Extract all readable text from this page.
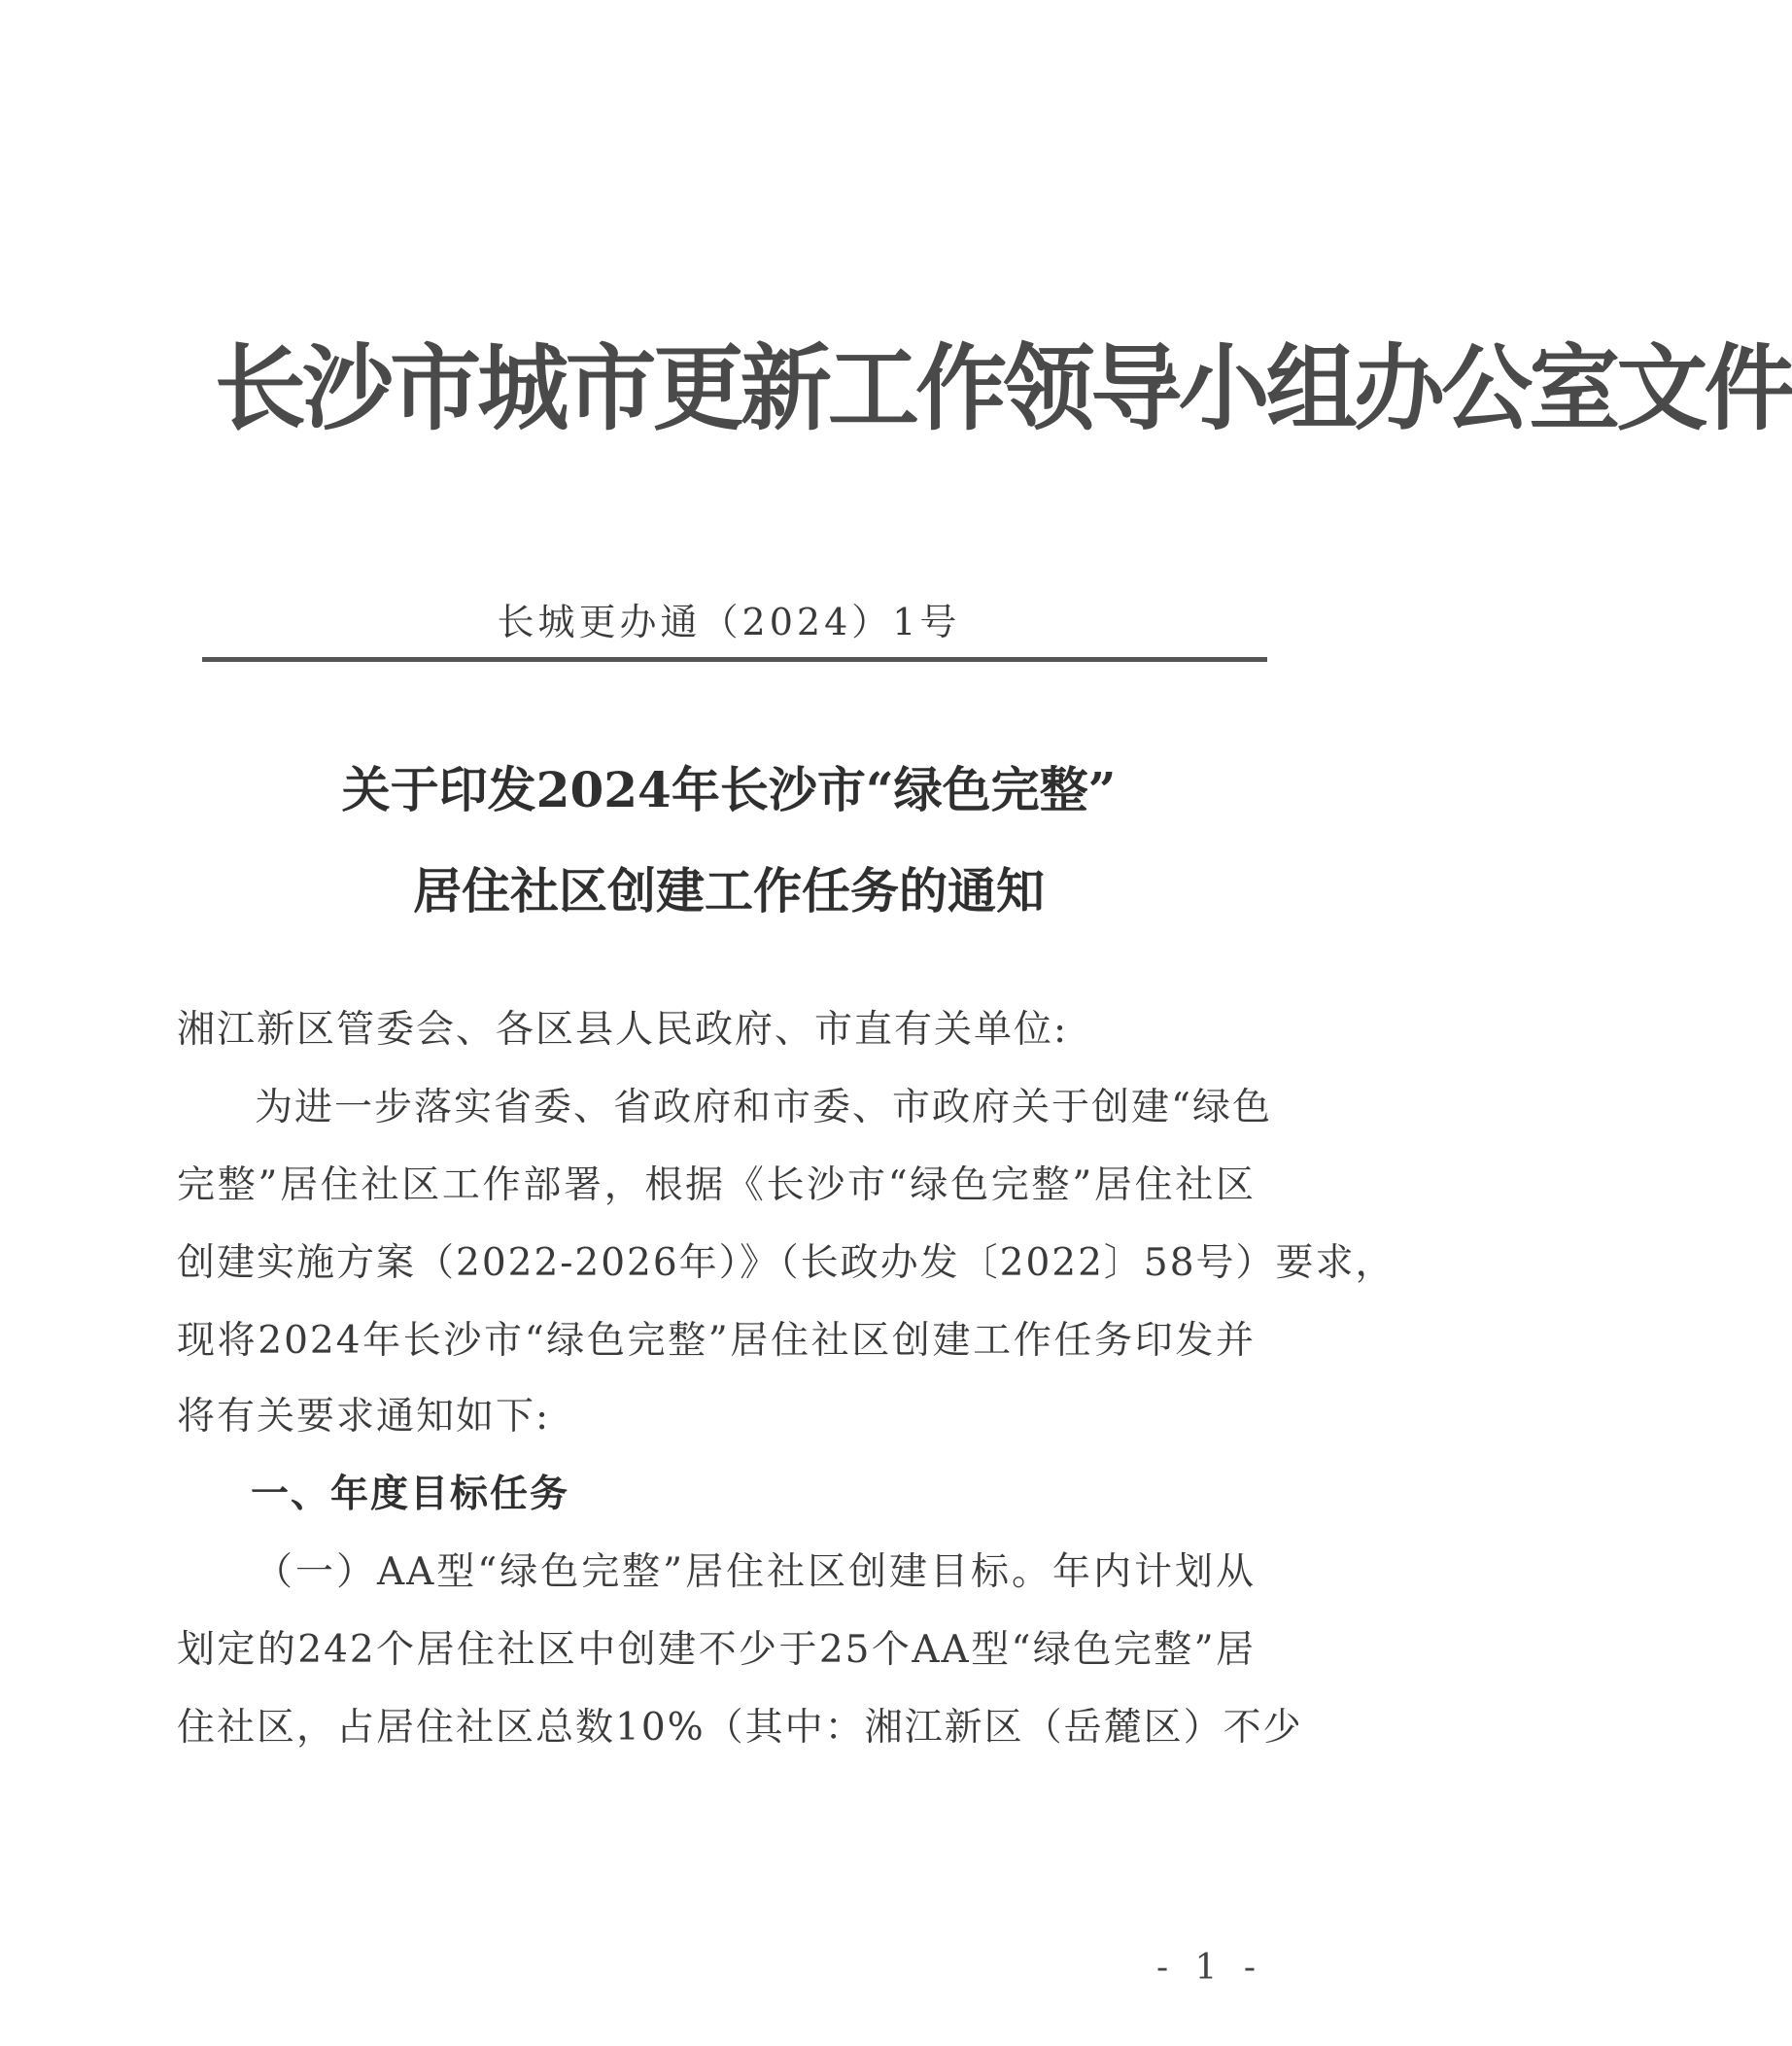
长沙市城市更新工作领导小组办公室文件
长城更办通（2024）1号
关于印发2024年长沙市“绿色完整”
居住社区创建工作任务的通知
湘江新区管委会、各区县人民政府、市直有关单位:
为进一步落实省委、省政府和市委、市政府关于创建“绿色
完整”居住社区工作部署，根据《长沙市“绿色完整”居住社区
创建实施方案（2022-2026年）》（长政办发〔2022〕58号）要求，
现将2024年长沙市“绿色完整”居住社区创建工作任务印发并
将有关要求通知如下:
一、年度目标任务
（一）AA型“绿色完整”居住社区创建目标。年内计划从
划定的242个居住社区中创建不少于25个AA型“绿色完整”居
住社区，占居住社区总数10%（其中：湘江新区（岳麓区）不少
- 1 -
